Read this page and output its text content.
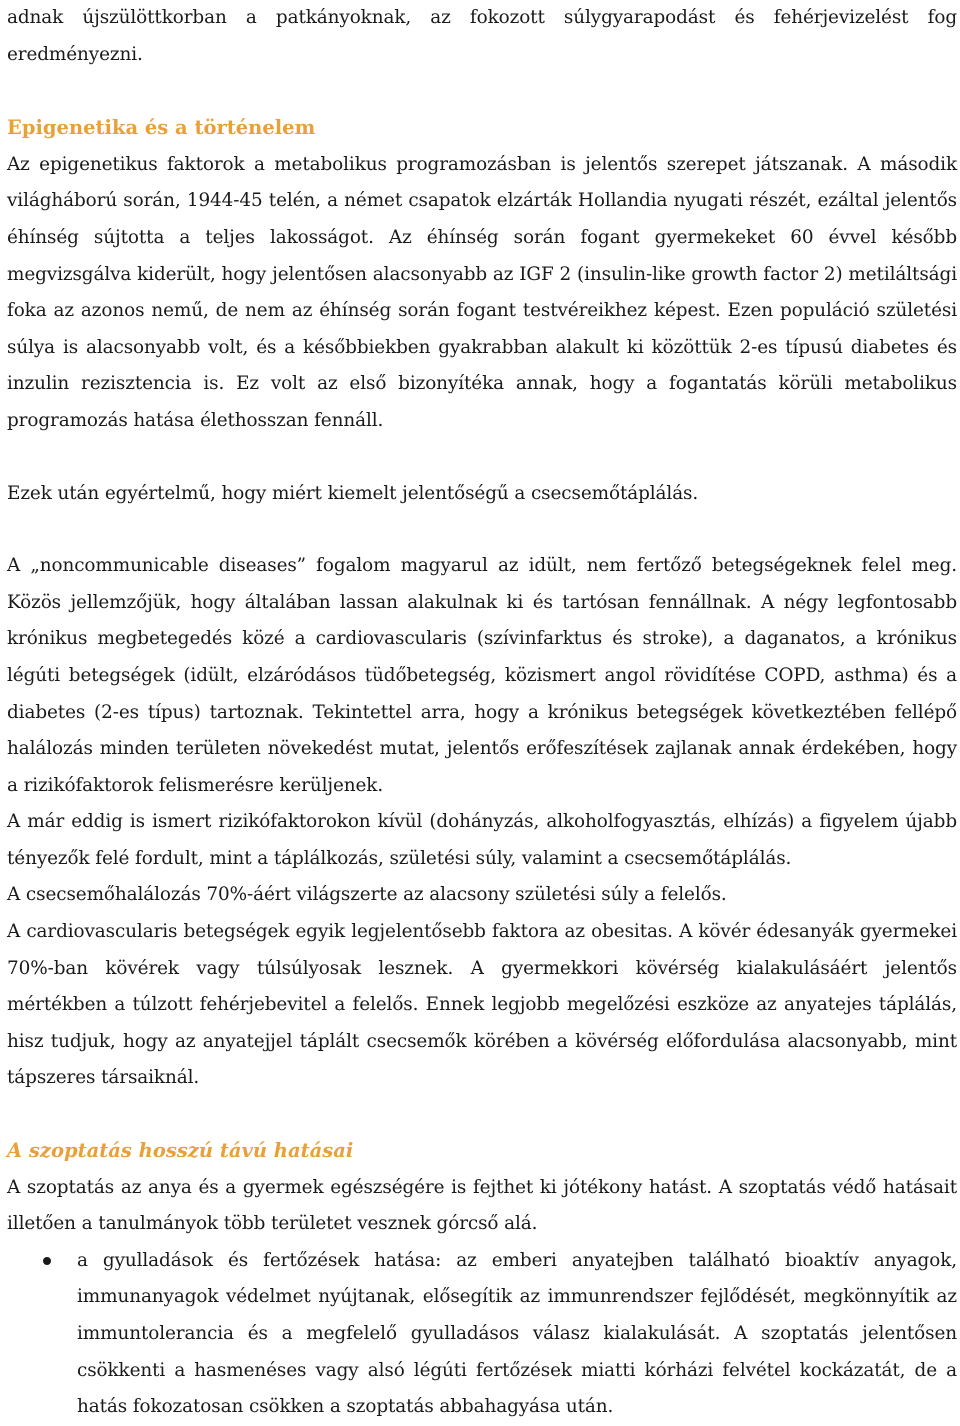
adnak újszülöttkorban a patkányoknak, az fokozott súlygyarapodást és fehérjevizelést fog eredményezni.

Epigenetika és a történelem

Az epigenetikus faktorok a metabolikus programozásban is jelentős szerepet játszanak. A második világháború során, 1944-45 telén, a német csapatok elzárták Hollandia nyugati részét, ezáltal jelentős éhínség sújtotta a teljes lakosságot. Az éhínség során fogant gyermekeket 60 évvel később megvizsgálva kiderült, hogy jelentősen alacsonyabb az IGF 2 (insulin-like growth factor 2) metiláltsági foka az azonos nemű, de nem az éhínség során fogant testvéreikhez képest. Ezen populáció születési súlya is alacsonyabb volt, és a későbbiekben gyakrabban alakult ki közöttük 2-es típusú diabetes és inzulin rezisztencia is. Ez volt az első bizonyítéka annak, hogy a fogantatás körüli metabolikus programozás hatása élethosszan fennáll.

Ezek után egyértelmű, hogy miért kiemelt jelentőségű a csecsemőtáplálás.

A „noncommunicable diseases” fogalom magyarul az idült, nem fertőző betegségeknek felel meg. Közös jellemzőjük, hogy általában lassan alakulnak ki és tartósan fennállnak. A négy legfontosabb krónikus megbetegedés közé a cardiovascularis (szívinfarktus és stroke), a daganatos, a krónikus légúti betegségek (idült, elzáródásos tüdőbetegség, közismert angol rövidítése COPD, asthma) és a diabetes (2-es típus) tartoznak. Tekintettel arra, hogy a krónikus betegségek következtében fellépő halálozás minden területen növekedést mutat, jelentős erőfeszítések zajlanak annak érdekében, hogy a rizikófaktorok felismerésre kerüljenek.

A már eddig is ismert rizikófaktorokon kívül (dohányzás, alkoholfogyasztás, elhízás) a figyelem újabb tényezők felé fordult, mint a táplálkozás, születési súly, valamint a csecsemőtáplálás.

A csecsemőhalálozás 70%-áért világszerte az alacsony születési súly a felelős.

A cardiovascularis betegségek egyik legjelentősebb faktora az obesitas. A kövér édesanyák gyermekei 70%-ban kövérek vagy túlsúlyosak lesznek. A gyermekkori kövérség kialakulásáért jelentős mértékben a túlzott fehérjebevitel a felelős. Ennek legjobb megelőzési eszköze az anyatejes táplálás, hisz tudjuk, hogy az anyatejjel táplált csecsemők körében a kövérség előfordulása alacsonyabb, mint tápszeres társaiknál.

A szoptatás hosszú távú hatásai

A szoptatás az anya és a gyermek egészségére is fejthet ki jótékony hatást. A szoptatás védő hatásait illetően a tanulmányok több területet vesznek górcső alá.

a gyulladások és fertőzések hatása: az emberi anyatejben található bioaktív anyagok, immunanyagok védelmet nyújtanak, elősegítik az immunrendszer fejlődését, megkönnyítik az immuntolerancia és a megfelelő gyulladásos válasz kialakulását. A szoptatás jelentősen csökkenti a hasmenéses vagy alsó légúti fertőzések miatti kórházi felvétel kockázatát, de a hatás fokozatosan csökken a szoptatás abbahagyása után.
